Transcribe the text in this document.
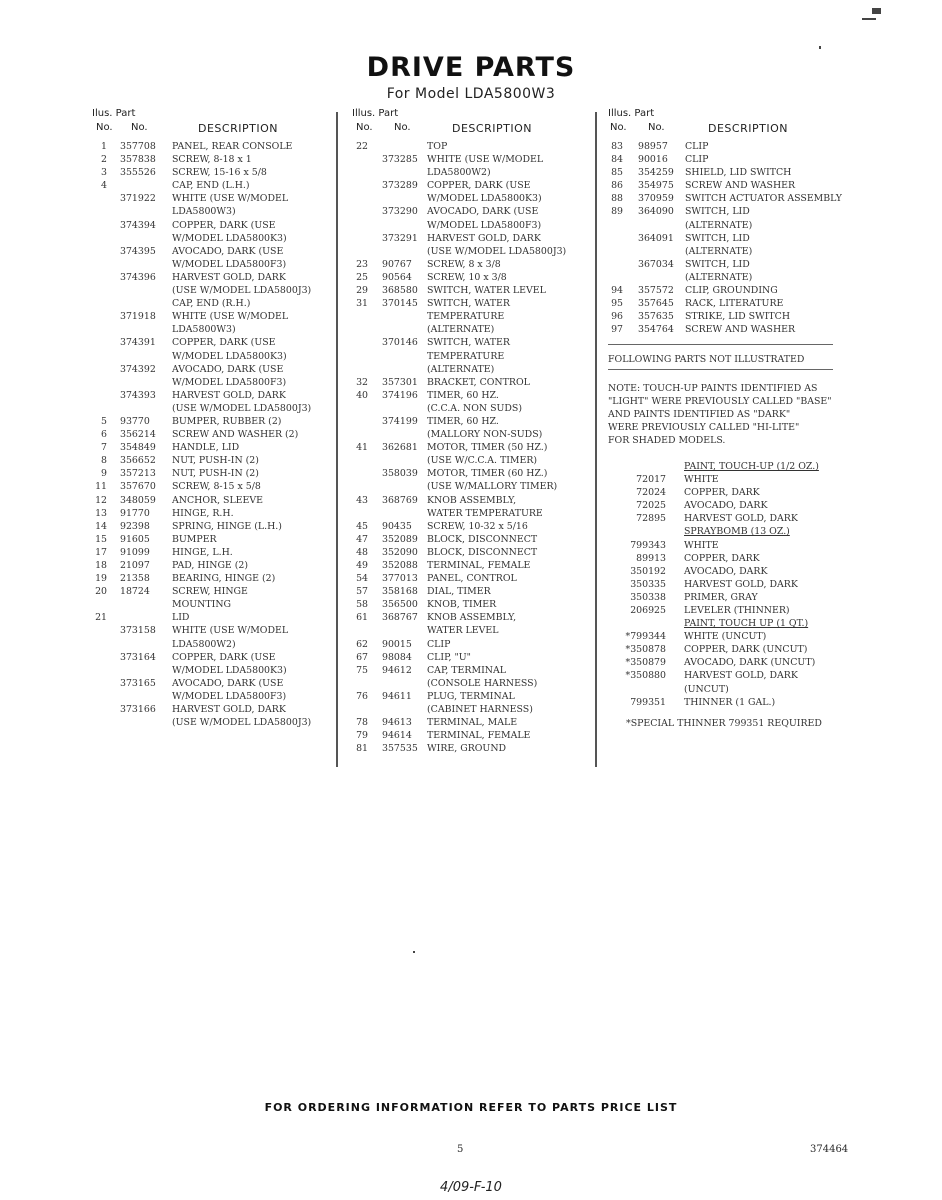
DRIVE PARTS
For Model LDA5800W3
Ilus. Part
No. No.	DESCRIPTION
1 357708 PANEL, REAR CONSOLE
2 357838 SCREW, 8-18 x 1
3 355526 SCREW, 15-16 x 5/8
4	CAP, END (L.H.)
371922 WHITE (USE W/MODEL
LDA5800W3)
374394 COPPER, DARK (USE
W/MODEL LDA5800K3)
374395 AVOCADO, DARK (USE
W/MODEL LDA5800F3)
374396 HARVEST GOLD, DARK
(USE W/MODEL LDA5800J3)
CAP, END (R.H.)
371918 WHITE (USE W/MODEL
LDA5800W3)
374391 COPPER, DARK (USE
W/MODEL LDA5800K3)
374392 AVOCADO, DARK (USE
W/MODEL LDA5800F3)
374393 HARVEST GOLD, DARK
(USE W/MODEL LDA5800J3)
5 93770 BUMPER, RUBBER (2)
6 356214 SCREW AND WASHER (2)
7 354849 HANDLE, LID
8 356652 NUT, PUSH-IN (2)
9 357213 NUT, PUSH-IN (2)
11 357670 SCREW, 8-15 x 5/8
12 348059 ANCHOR, SLEEVE
13 91770 HINGE, R.H.
14 92398 SPRING, HINGE (L.H.)
15 91605 BUMPER
17 91099 HINGE, L.H.
18 21097 PAD, HINGE (2)
19 21358 BEARING, HINGE (2)
20 18724 SCREW, HINGE
MOUNTING
21	LID
373158 WHITE (USE W/MODEL
LDA5800W2)
373164 COPPER, DARK (USE
W/MODEL LDA5800K3)
373165 AVOCADO, DARK (USE
W/MODEL LDA5800F3)
373166 HARVEST GOLD, DARK
(USE W/MODEL LDA5800J3)
Illus. Part
No. No.	DESCRIPTION
22	TOP
373285 WHITE (USE W/MODEL
LDA5800W2)
373289 COPPER, DARK (USE
W/MODEL LDA5800K3)
373290 AVOCADO, DARK (USE
W/MODEL LDA5800F3)
373291 HARVEST GOLD, DARK
(USE W/MODEL LDA5800J3)
23 90767 SCREW, 8 x 3/8
25 90564 SCREW, 10 x 3/8
29 368580 SWITCH, WATER LEVEL
31 370145 SWITCH, WATER
TEMPERATURE
(ALTERNATE)
370146 SWITCH, WATER
TEMPERATURE
(ALTERNATE)
32 357301 BRACKET, CONTROL
40 374196 TIMER, 60 HZ.
(C.C.A. NON SUDS)
374199 TIMER, 60 HZ.
(MALLORY NON-SUDS)
41 362681 MOTOR, TIMER (50 HZ.)
(USE W/C.C.A. TIMER)
358039 MOTOR, TIMER (60 HZ.)
(USE W/MALLORY TIMER)
43 368769 KNOB ASSEMBLY,
WATER TEMPERATURE
45 90435 SCREW, 10-32 x 5/16
47 352089 BLOCK, DISCONNECT
48 352090 BLOCK, DISCONNECT
49 352088 TERMINAL, FEMALE
54 377013 PANEL, CONTROL
57 358168 DIAL, TIMER
58 356500 KNOB, TIMER
61 368767 KNOB ASSEMBLY,
WATER LEVEL
62 90015 CLIP
67 98084 CLIP, "U"
75 94612 CAP, TERMINAL
(CONSOLE HARNESS)
76 94611 PLUG, TERMINAL
(CABINET HARNESS)
78 94613 TERMINAL, MALE
79 94614 TERMINAL, FEMALE
81 357535 WIRE, GROUND
Illus. Part
No. No.	DESCRIPTION
83 98957 CLIP
84 90016 CLIP
85 354259 SHIELD, LID SWITCH
86 354975 SCREW AND WASHER
88 370959 SWITCH ACTUATOR ASSEMBLY
89 364090 SWITCH, LID
(ALTERNATE)
364091 SWITCH, LID
(ALTERNATE)
367034 SWITCH, LID
(ALTERNATE)
94 357572 CLIP, GROUNDING
95 357645 RACK, LITERATURE
96 357635 STRIKE, LID SWITCH
97 354764 SCREW AND WASHER
FOLLOWING PARTS NOT ILLUSTRATED
NOTE: TOUCH-UP PAINTS IDENTIFIED AS
"LIGHT" WERE PREVIOUSLY CALLED "BASE"
AND PAINTS IDENTIFIED AS "DARK"
WERE PREVIOUSLY CALLED "HI-LITE"
FOR SHADED MODELS.
PAINT, TOUCH-UP (1/2 OZ.)
72017 WHITE
72024 COPPER, DARK
72025 AVOCADO, DARK
72895 HARVEST GOLD, DARK
SPRAYBOMB (13 OZ.)
799343 WHITE
89913 COPPER, DARK
350192 AVOCADO, DARK
350335 HARVEST GOLD, DARK
350338 PRIMER, GRAY
206925 LEVELER (THINNER)
PAINT, TOUCH UP (1 QT.)
*799344 WHITE (UNCUT)
*350878 COPPER, DARK (UNCUT)
*350879 AVOCADO, DARK (UNCUT)
*350880 HARVEST GOLD, DARK
(UNCUT)
799351 THINNER (1 GAL.)
*SPECIAL THINNER 799351 REQUIRED
FOR ORDERING INFORMATION REFER TO PARTS PRICE LIST
5	374464
4/09-F-10
